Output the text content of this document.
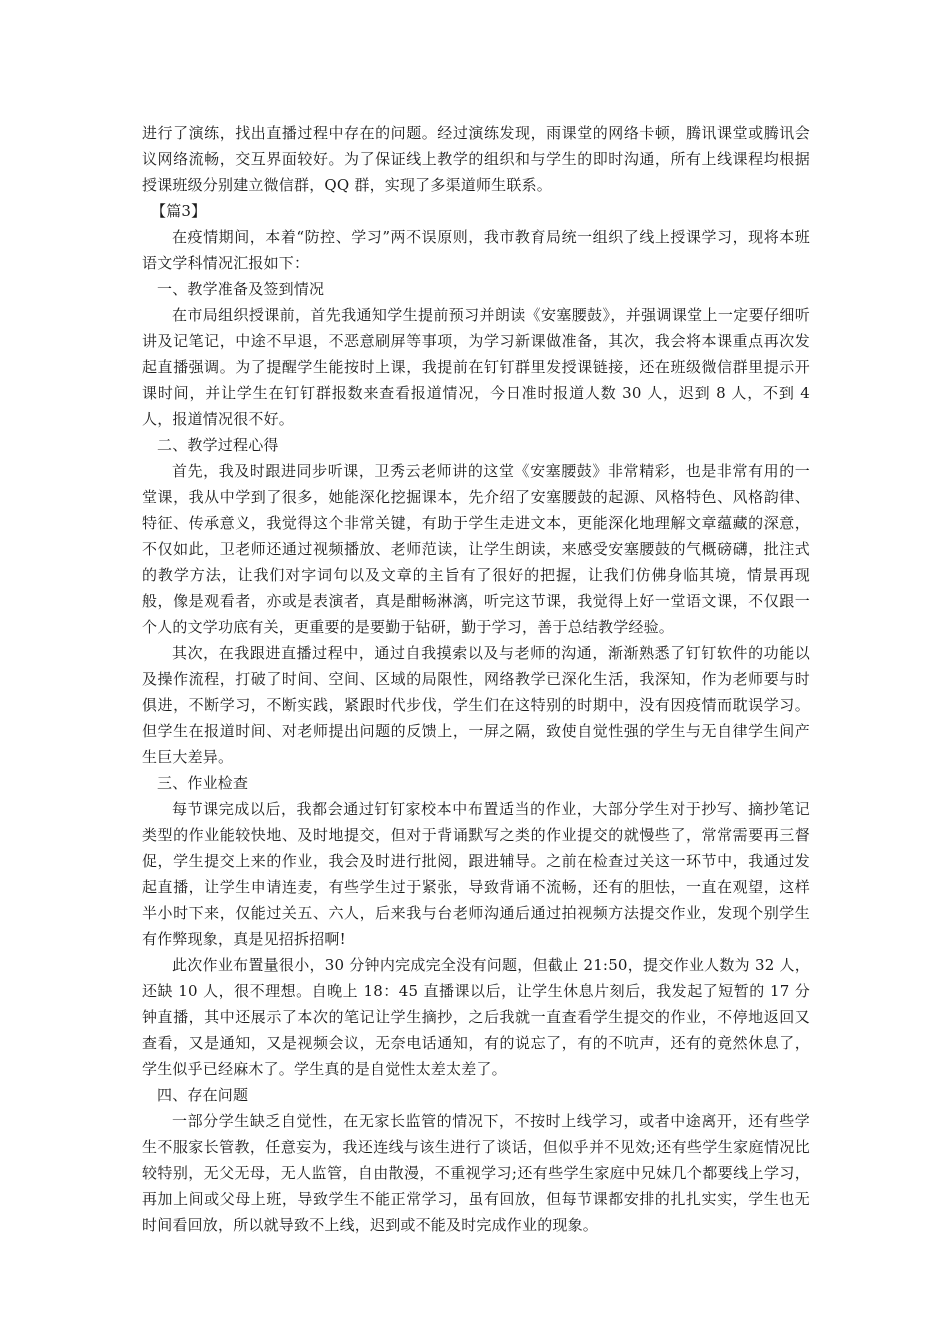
进行了演练，找出直播过程中存在的问题。经过演练发现，雨课堂的网络卡顿，腾讯课堂或腾讯会议网络流畅，交互界面较好。为了保证线上教学的组织和与学生的即时沟通，所有上线课程均根据授课班级分别建立微信群，QQ 群，实现了多渠道师生联系。

【篇3】

在疫情期间，本着“防控、学习”两不误原则，我市教育局统一组织了线上授课学习，现将本班语文学科情况汇报如下：

一、教学准备及签到情况

在市局组织授课前，首先我通知学生提前预习并朗读《安塞腰鼓》，并强调课堂上一定要仔细听讲及记笔记，中途不早退，不恶意刷屏等事项，为学习新课做准备，其次，我会将本课重点再次发起直播强调。为了提醒学生能按时上课，我提前在钉钉群里发授课链接，还在班级微信群里提示开课时间，并让学生在钉钉群报数来查看报道情况，今日准时报道人数 30 人，迟到 8 人，不到 4 人，报道情况很不好。

二、教学过程心得

首先，我及时跟进同步听课，卫秀云老师讲的这堂《安塞腰鼓》非常精彩，也是非常有用的一堂课，我从中学到了很多，她能深化挖掘课本，先介绍了安塞腰鼓的起源、风格特色、风格韵律、特征、传承意义，我觉得这个非常关键，有助于学生走进文本，更能深化地理解文章蕴藏的深意，不仅如此，卫老师还通过视频播放、老师范读，让学生朗读，来感受安塞腰鼓的气概磅礴，批注式的教学方法，让我们对字词句以及文章的主旨有了很好的把握，让我们仿佛身临其境，情景再现般，像是观看者，亦或是表演者，真是酣畅淋漓，听完这节课，我觉得上好一堂语文课，不仅跟一个人的文学功底有关，更重要的是要勤于钻研，勤于学习，善于总结教学经验。

其次，在我跟进直播过程中，通过自我摸索以及与老师的沟通，渐渐熟悉了钉钉软件的功能以及操作流程，打破了时间、空间、区域的局限性，网络教学已深化生活，我深知，作为老师要与时俱进，不断学习，不断实践，紧跟时代步伐，学生们在这特别的时期中，没有因疫情而耽误学习。但学生在报道时间、对老师提出问题的反馈上，一屏之隔，致使自觉性强的学生与无自律学生间产生巨大差异。

三、作业检查

每节课完成以后，我都会通过钉钉家校本中布置适当的作业，大部分学生对于抄写、摘抄笔记类型的作业能较快地、及时地提交，但对于背诵默写之类的作业提交的就慢些了，常常需要再三督促，学生提交上来的作业，我会及时进行批阅，跟进辅导。之前在检查过关这一环节中，我通过发起直播，让学生申请连麦，有些学生过于紧张，导致背诵不流畅，还有的胆怯，一直在观望，这样半小时下来，仅能过关五、六人，后来我与台老师沟通后通过拍视频方法提交作业，发现个别学生有作弊现象，真是见招拆招啊!

此次作业布置量很小，30 分钟内完成完全没有问题，但截止 21:50，提交作业人数为 32 人，还缺 10 人，很不理想。自晚上 18：45 直播课以后，让学生休息片刻后，我发起了短暂的 17 分钟直播，其中还展示了本次的笔记让学生摘抄，之后我就一直查看学生提交的作业，不停地返回又查看，又是通知，又是视频会议，无奈电话通知，有的说忘了，有的不吭声，还有的竟然休息了，学生似乎已经麻木了。学生真的是自觉性太差太差了。

四、存在问题

一部分学生缺乏自觉性，在无家长监管的情况下，不按时上线学习，或者中途离开，还有些学生不服家长管教，任意妄为，我还连线与该生进行了谈话，但似乎并不见效;还有些学生家庭情况比较特别，无父无母，无人监管，自由散漫，不重视学习;还有些学生家庭中兄妹几个都要线上学习，再加上间或父母上班，导致学生不能正常学习，虽有回放，但每节课都安排的扎扎实实，学生也无时间看回放，所以就导致不上线，迟到或不能及时完成作业的现象。
